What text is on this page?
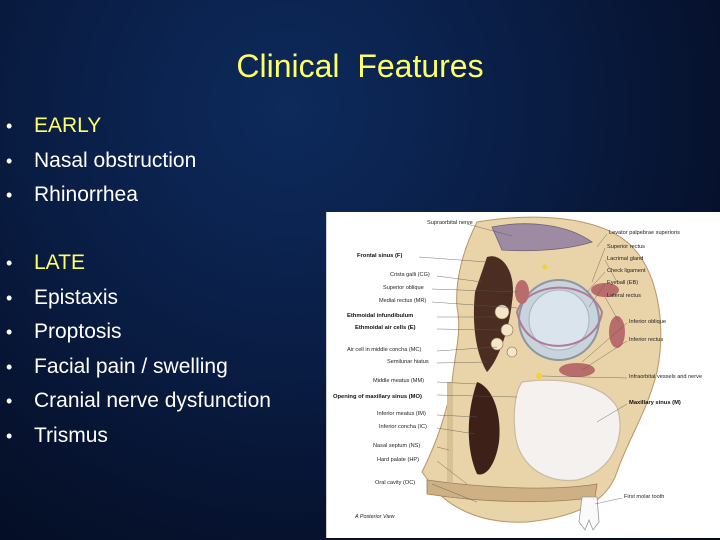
Clinical  Features
• EARLY
• Nasal obstruction
• Rhinorrhea
• LATE
• Epistaxis
• Proptosis
• Facial pain / swelling
• Cranial nerve dysfunction
• Trismus
Supraorbital nerve
Frontal sinus (F)
Crista galli (CG)
Superior oblique
Medial rectus (MR)
Ethmoidal infundibulum
Ethmoidal air cells (E)
Air cell in middle concha (MC)
Semilunar hiatus
Middle meatus (MM)
Opening of maxillary sinus (MO)
Inferior meatus (IM)
Inferior concha (IC)
Nasal septum (NS)
Hard palate (HP)
Oral cavity (OC)
Levator palpebrae superioris
Superior rectus
Lacrimal gland
Check ligament
Eyeball (EB)
Lateral rectus
Inferior oblique
Inferior rectus
Infraorbital vessels and nerve
Maxillary sinus (M)
First molar tooth
A Posterior View
